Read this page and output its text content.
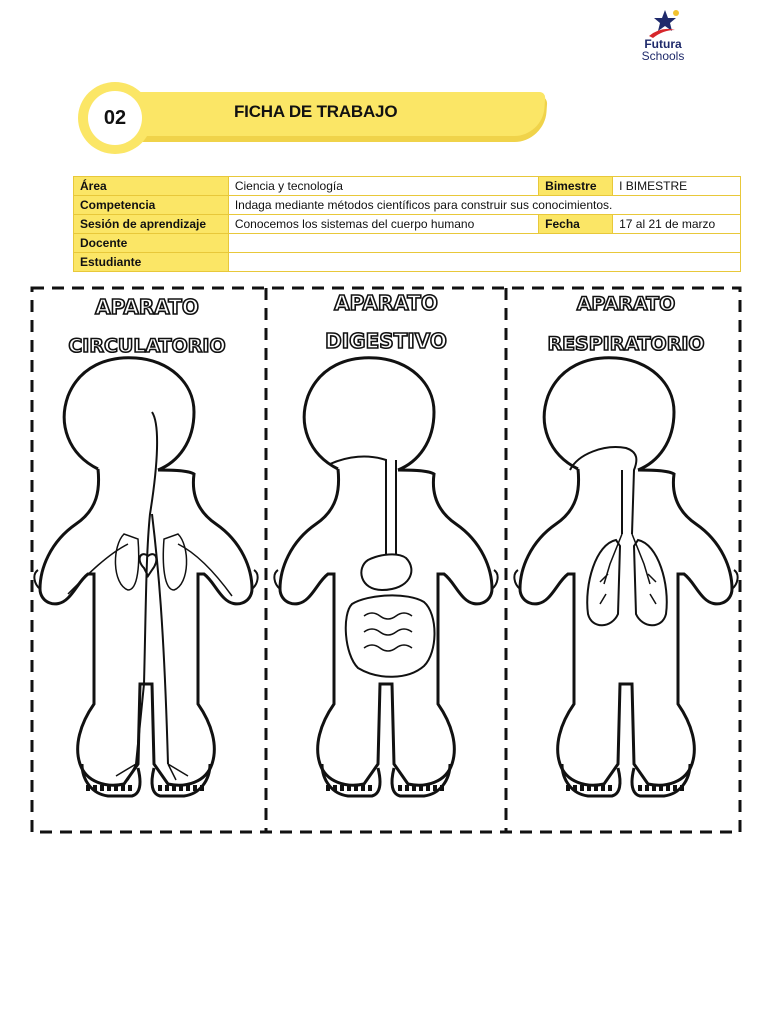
Futura
Schools
02	FICHA DE TRABAJO
Área	Ciencia y tecnología	Bimestre	I BIMESTRE
Competencia	Indaga mediante métodos científicos para construir sus conocimientos.		
Sesión de aprendizaje	Conocemos los sistemas del cuerpo humano	Fecha	17 al 21 de marzo
Docente			
Estudiante			
APARATO
CIRCULATORIO
APARATO
DIGESTIVO
APARATO
RESPIRATORIO
